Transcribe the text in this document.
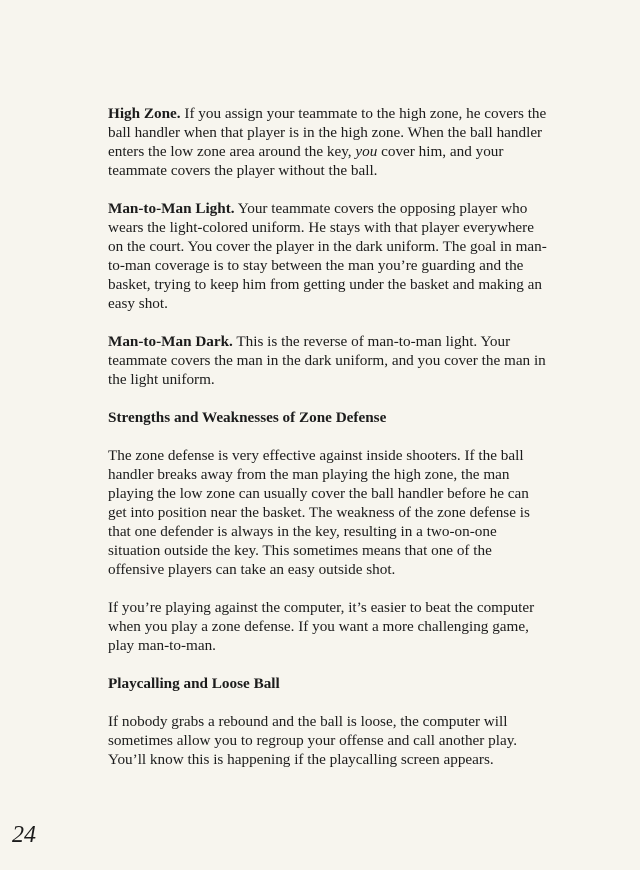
High Zone. If you assign your teammate to the high zone, he covers the ball handler when that player is in the high zone. When the ball handler enters the low zone area around the key, you cover him, and your teammate covers the player without the ball.

Man-to-Man Light. Your teammate covers the opposing player who wears the light-colored uniform. He stays with that player everywhere on the court. You cover the player in the dark uniform. The goal in man-to-man coverage is to stay between the man you’re guarding and the basket, trying to keep him from getting under the basket and making an easy shot.

Man-to-Man Dark. This is the reverse of man-to-man light. Your teammate covers the man in the dark uniform, and you cover the man in the light uniform.

Strengths and Weaknesses of Zone Defense

The zone defense is very effective against inside shooters. If the ball handler breaks away from the man playing the high zone, the man playing the low zone can usually cover the ball handler before he can get into position near the basket. The weakness of the zone defense is that one defender is always in the key, resulting in a two-on-one situation outside the key. This sometimes means that one of the offensive players can take an easy outside shot.

If you’re playing against the computer, it’s easier to beat the computer when you play a zone defense. If you want a more challenging game, play man-to-man.

Playcalling and Loose Ball

If nobody grabs a rebound and the ball is loose, the computer will sometimes allow you to regroup your offense and call another play. You’ll know this is happening if the playcalling screen appears.

24
